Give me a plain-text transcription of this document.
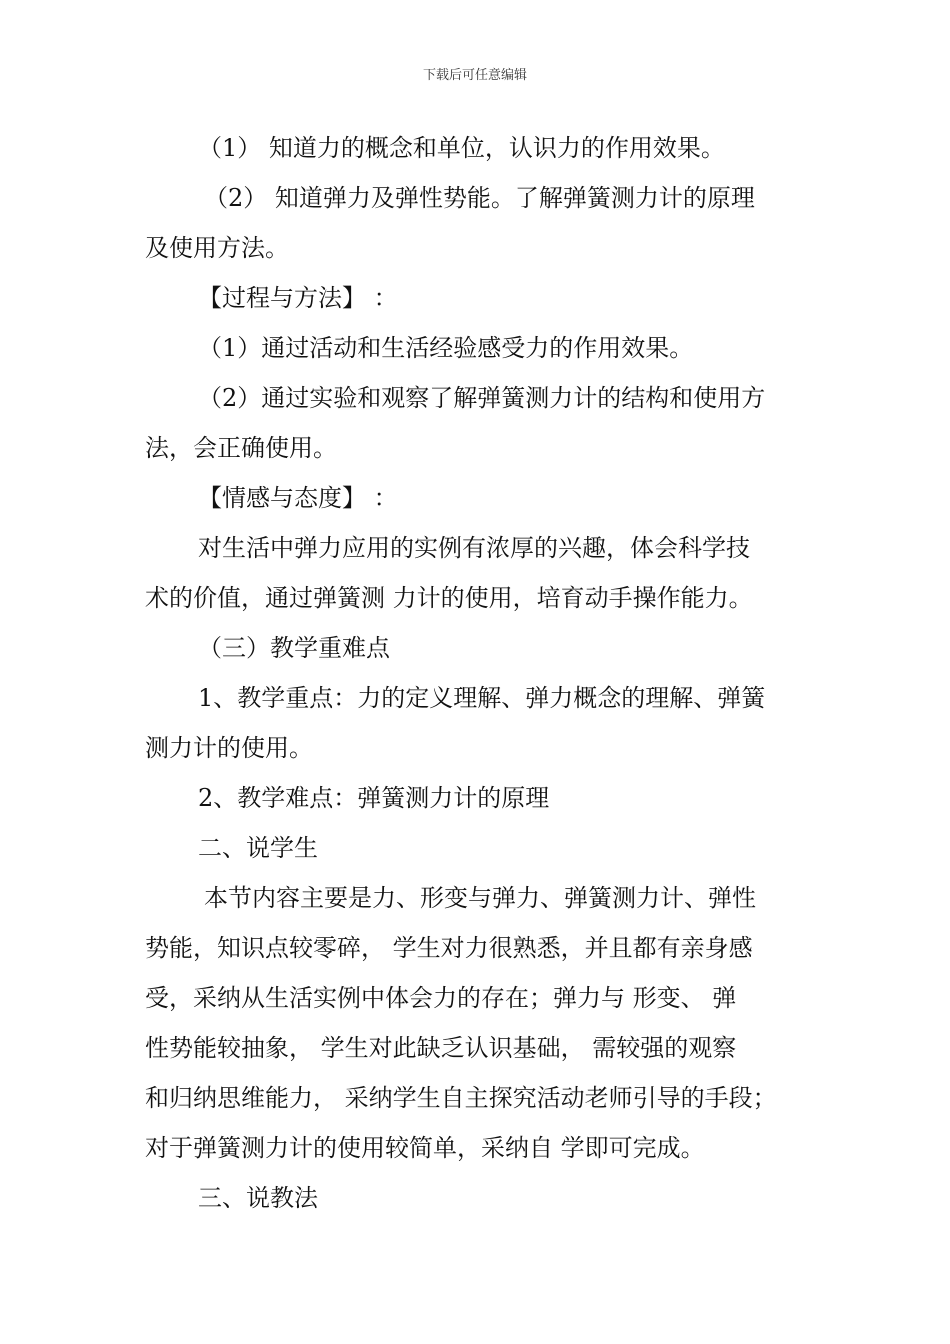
下载后可任意编辑
（1） 知道力的概念和单位，认识力的作用效果。
（2） 知道弹力及弹性势能。了解弹簧测力计的原理
及使用方法。
【过程与方法】 ：
（1）通过活动和生活经验感受力的作用效果。
（2）通过实验和观察了解弹簧测力计的结构和使用方
法，会正确使用。
【情感与态度】 ：
对生活中弹力应用的实例有浓厚的兴趣，体会科学技
术的价值，通过弹簧测 力计的使用，培育动手操作能力。
（三）教学重难点
1、教学重点：力的定义理解、弹力概念的理解、弹簧
测力计的使用。
2、教学难点：弹簧测力计的原理
二、说学生
本节内容主要是力、形变与弹力、弹簧测力计、弹性
势能，知识点较零碎， 学生对力很熟悉，并且都有亲身感
受，采纳从生活实例中体会力的存在；弹力与 形变、 弹
性势能较抽象， 学生对此缺乏认识基础， 需较强的观察
和归纳思维能力， 采纳学生自主探究活动老师引导的手段；
对于弹簧测力计的使用较简单，采纳自 学即可完成。
三、说教法
